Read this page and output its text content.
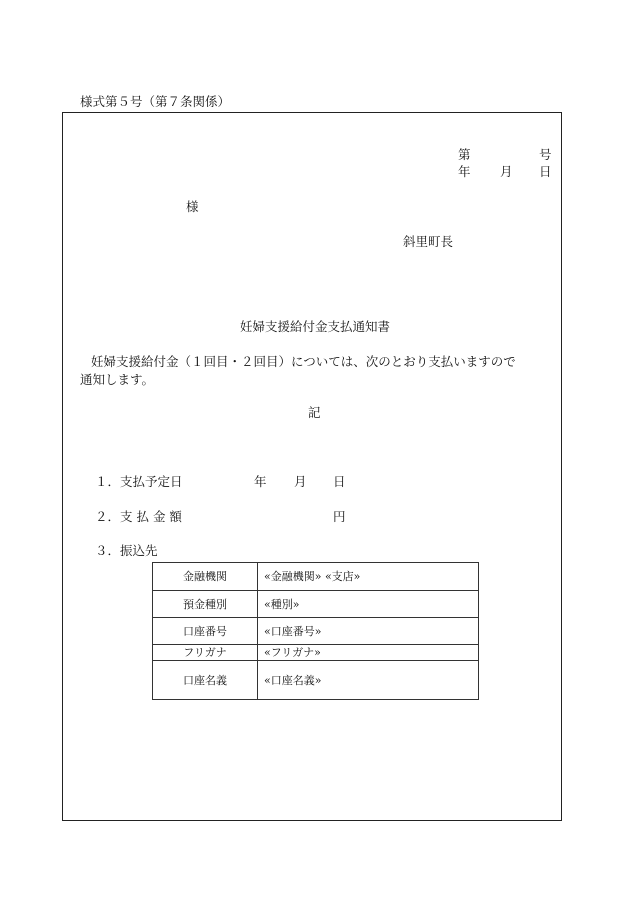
様式第５号（第７条関係）
第	号
年 月 日
様
斜里町長
妊婦支援給付金支払通知書
妊婦支援給付金（１回目・２回目）については、次のとおり支払いますので
通知します。
記
１．支払予定日	年 月 日
２．支 払 金 額	円
３．振込先
金融機関	«金融機関» «支店»
預金種別	«種別»
口座番号	«口座番号»
フリガナ	«フリガナ»
口座名義	«口座名義»
